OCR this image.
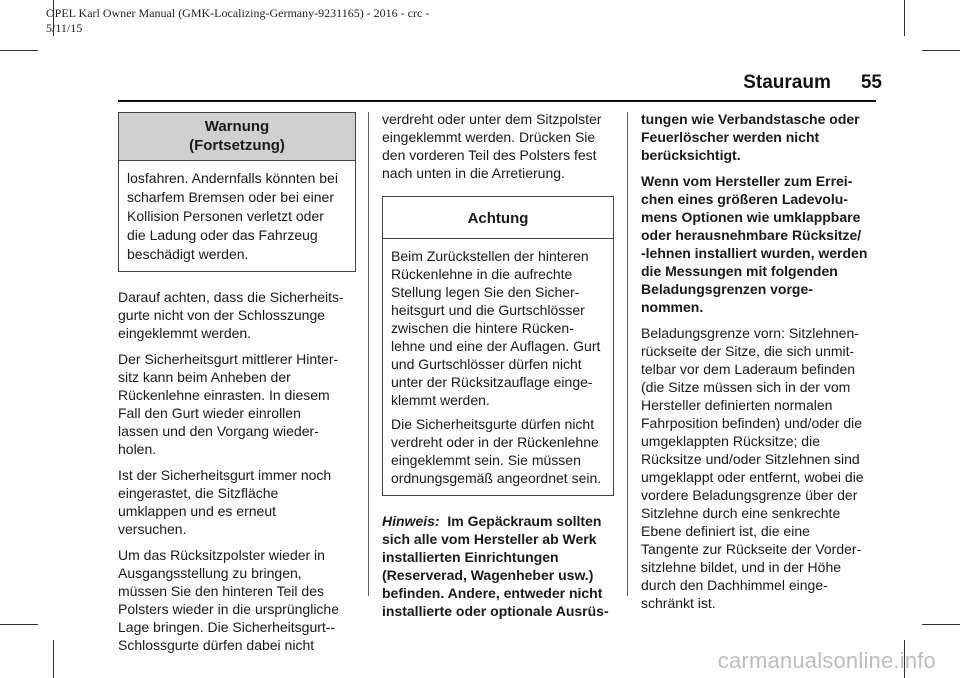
OPEL Karl Owner Manual (GMK-Localizing-Germany-9231165) - 2016 - crc -
5/11/15
Stauraum 55
Warnung
(Fortsetzung)
losfahren. Andernfalls könnten bei
scharfem Bremsen oder bei einer
Kollision Personen verletzt oder
die Ladung oder das Fahrzeug
beschädigt werden.

Darauf achten, dass die Sicherheits-
gurte nicht von der Schlosszunge
eingeklemmt werden.

Der Sicherheitsgurt mittlerer Hinter-
sitz kann beim Anheben der
Rückenlehne einrasten. In diesem
Fall den Gurt wieder einrollen
lassen und den Vorgang wieder-
holen.

Ist der Sicherheitsgurt immer noch
eingerastet, die Sitzfläche
umklappen und es erneut
versuchen.

Um das Rücksitzpolster wieder in
Ausgangsstellung zu bringen,
müssen Sie den hinteren Teil des
Polsters wieder in die ursprüngliche
Lage bringen. Die Sicherheitsgurt--
Schlossgurte dürfen dabei nicht

verdreht oder unter dem Sitzpolster
eingeklemmt werden. Drücken Sie
den vorderen Teil des Polsters fest
nach unten in die Arretierung.

Achtung

Beim Zurückstellen der hinteren
Rückenlehne in die aufrechte
Stellung legen Sie den Sicher-
heitsgurt und die Gurtschlösser
zwischen die hintere Rücken-
lehne und eine der Auflagen. Gurt
und Gurtschlösser dürfen nicht
unter der Rücksitzauflage einge-
klemmt werden.

Die Sicherheitsgurte dürfen nicht
verdreht oder in der Rückenlehne
eingeklemmt sein. Sie müssen
ordnungsgemäß angeordnet sein.

Hinweis: Im Gepäckraum sollten
sich alle vom Hersteller ab Werk
installierten Einrichtungen
(Reserverad, Wagenheber usw.)
befinden. Andere, entweder nicht
installierte oder optionale Ausrüs-

tungen wie Verbandstasche oder
Feuerlöscher werden nicht
berücksichtigt.

Wenn vom Hersteller zum Errei-
chen eines größeren Ladevolu-
mens Optionen wie umklappbare
oder herausnehmbare Rücksitze/
-lehnen installiert wurden, werden
die Messungen mit folgenden
Beladungsgrenzen vorge-
nommen.

Beladungsgrenze vorn: Sitzlehnen-
rückseite der Sitze, die sich unmit-
telbar vor dem Laderaum befinden
(die Sitze müssen sich in der vom
Hersteller definierten normalen
Fahrposition befinden) und/oder die
umgeklappten Rücksitze; die
Rücksitze und/oder Sitzlehnen sind
umgeklappt oder entfernt, wobei die
vordere Beladungsgrenze über der
Sitzlehne durch eine senkrechte
Ebene definiert ist, die eine
Tangente zur Rückseite der Vorder-
sitzlehne bildet, und in der Höhe
durch den Dachhimmel einge-
schränkt ist.

carmanualsonline.info
